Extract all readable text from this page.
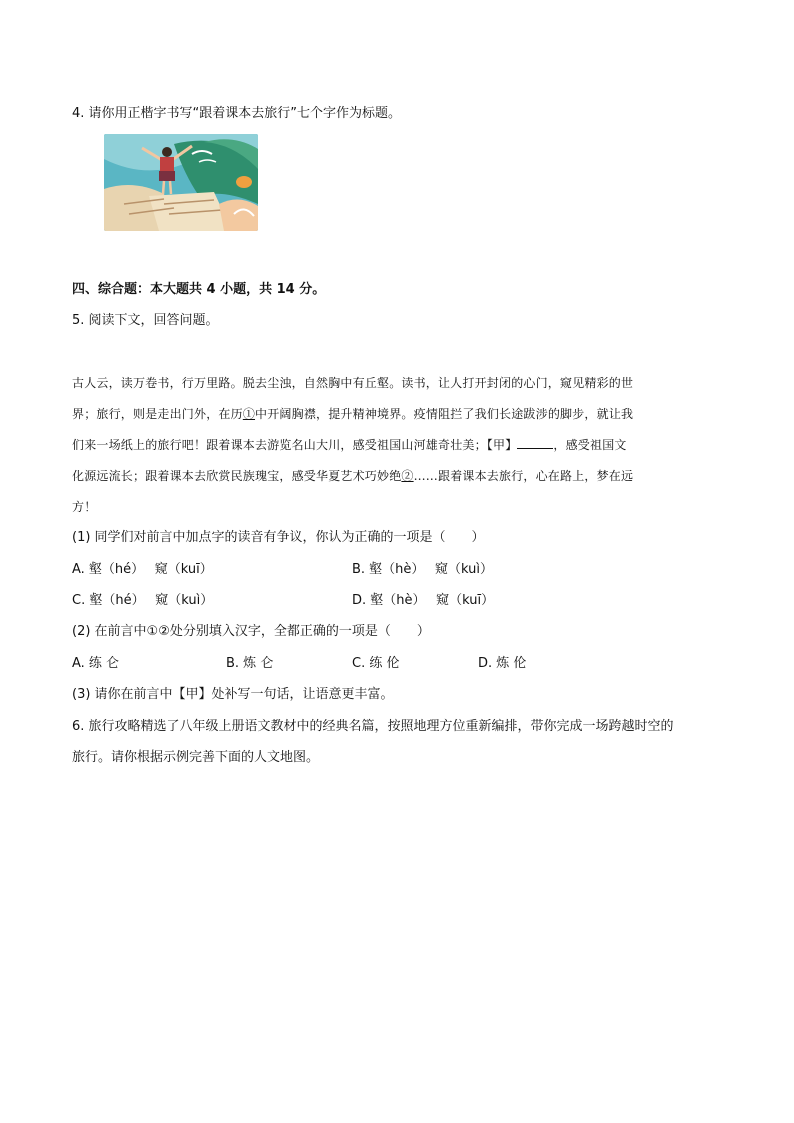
4. 请你用正楷字书写“跟着课本去旅行”七个字作为标题。
四、综合题：本大题共 4 小题，共 14 分。
5. 阅读下文，回答问题。
古人云，读万卷书，行万里路。脱去尘浊，自然胸中有丘壑。读书，让人打开封闭的心门，窥见精彩的世
界；旅行，则是走出门外，在历①中开阔胸襟，提升精神境界。疫情阻拦了我们长途跋涉的脚步，就让我
们来一场纸上的旅行吧！跟着课本去游览名山大川，感受祖国山河雄奇壮美；【甲】	，感受祖国文
化源远流长；跟着课本去欣赏民族瑰宝，感受华夏艺术巧妙绝②……跟着课本去旅行，心在路上，梦在远
方！
(1) 同学们对前言中加点字的读音有争议，你认为正确的一项是（　　）
A. 壑（hé）　 窥（kuī）	B. 壑（hè）　 窥（kuì）
C. 壑（hé）　 窥（kuì）	D. 壑（hè）　 窥（kuī）
(2) 在前言中①②处分别填入汉字，全都正确的一项是（　　）
A. 练 仑	B. 炼 仑	C. 练 伦	D. 炼 伦
(3) 请你在前言中【甲】处补写一句话，让语意更丰富。
6. 旅行攻略精选了八年级上册语文教材中的经典名篇，按照地理方位重新编排，带你完成一场跨越时空的
旅行。请你根据示例完善下面的人文地图。
